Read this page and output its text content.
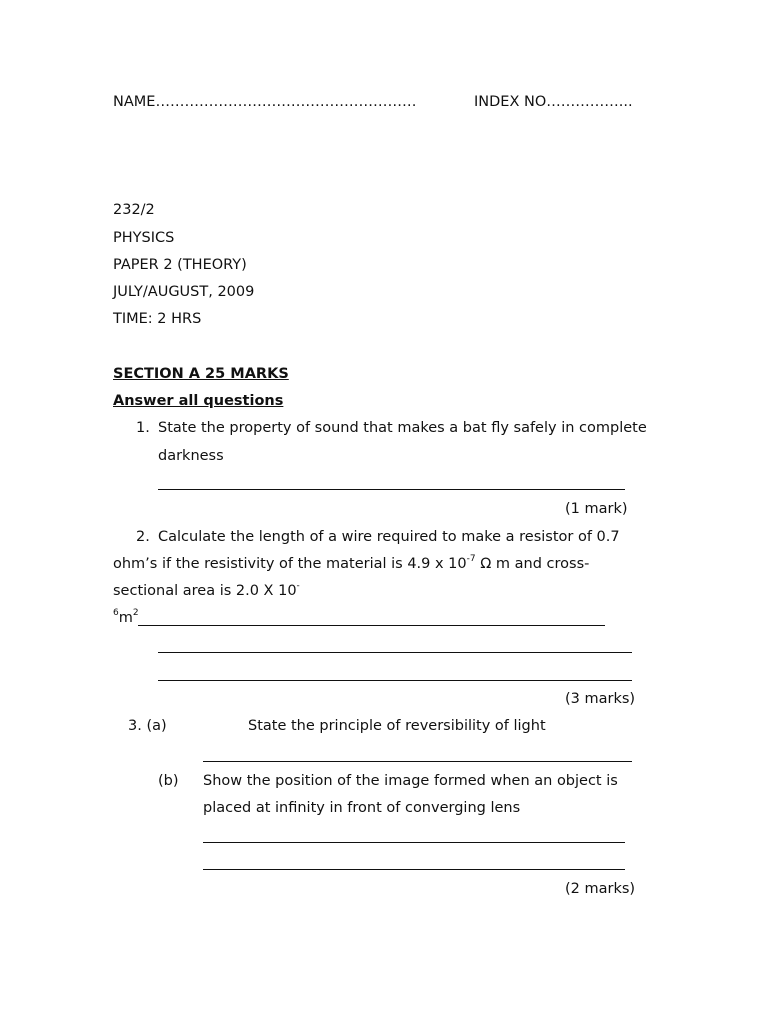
NAME………………………………………………	INDEX NO……………...
232/2
PHYSICS
PAPER 2 (THEORY)
JULY/AUGUST, 2009
TIME: 2 HRS
SECTION A 25 MARKS
Answer all questions
1. State the property of sound that makes a bat fly safely in complete
darkness
(1 mark)
2. Calculate the length of a wire required to make a resistor of 0.7
ohm’s if the resistivity of the material is 4.9 x $10^{-7}$ Ω m and cross-
sectional area is 2.0 X 10-
$^6m^2$
(3 marks)
3. (a)	State the principle of reversibility of light
(b) Show the position of the image formed when an object is
placed at infinity in front of converging lens
(2 marks)
